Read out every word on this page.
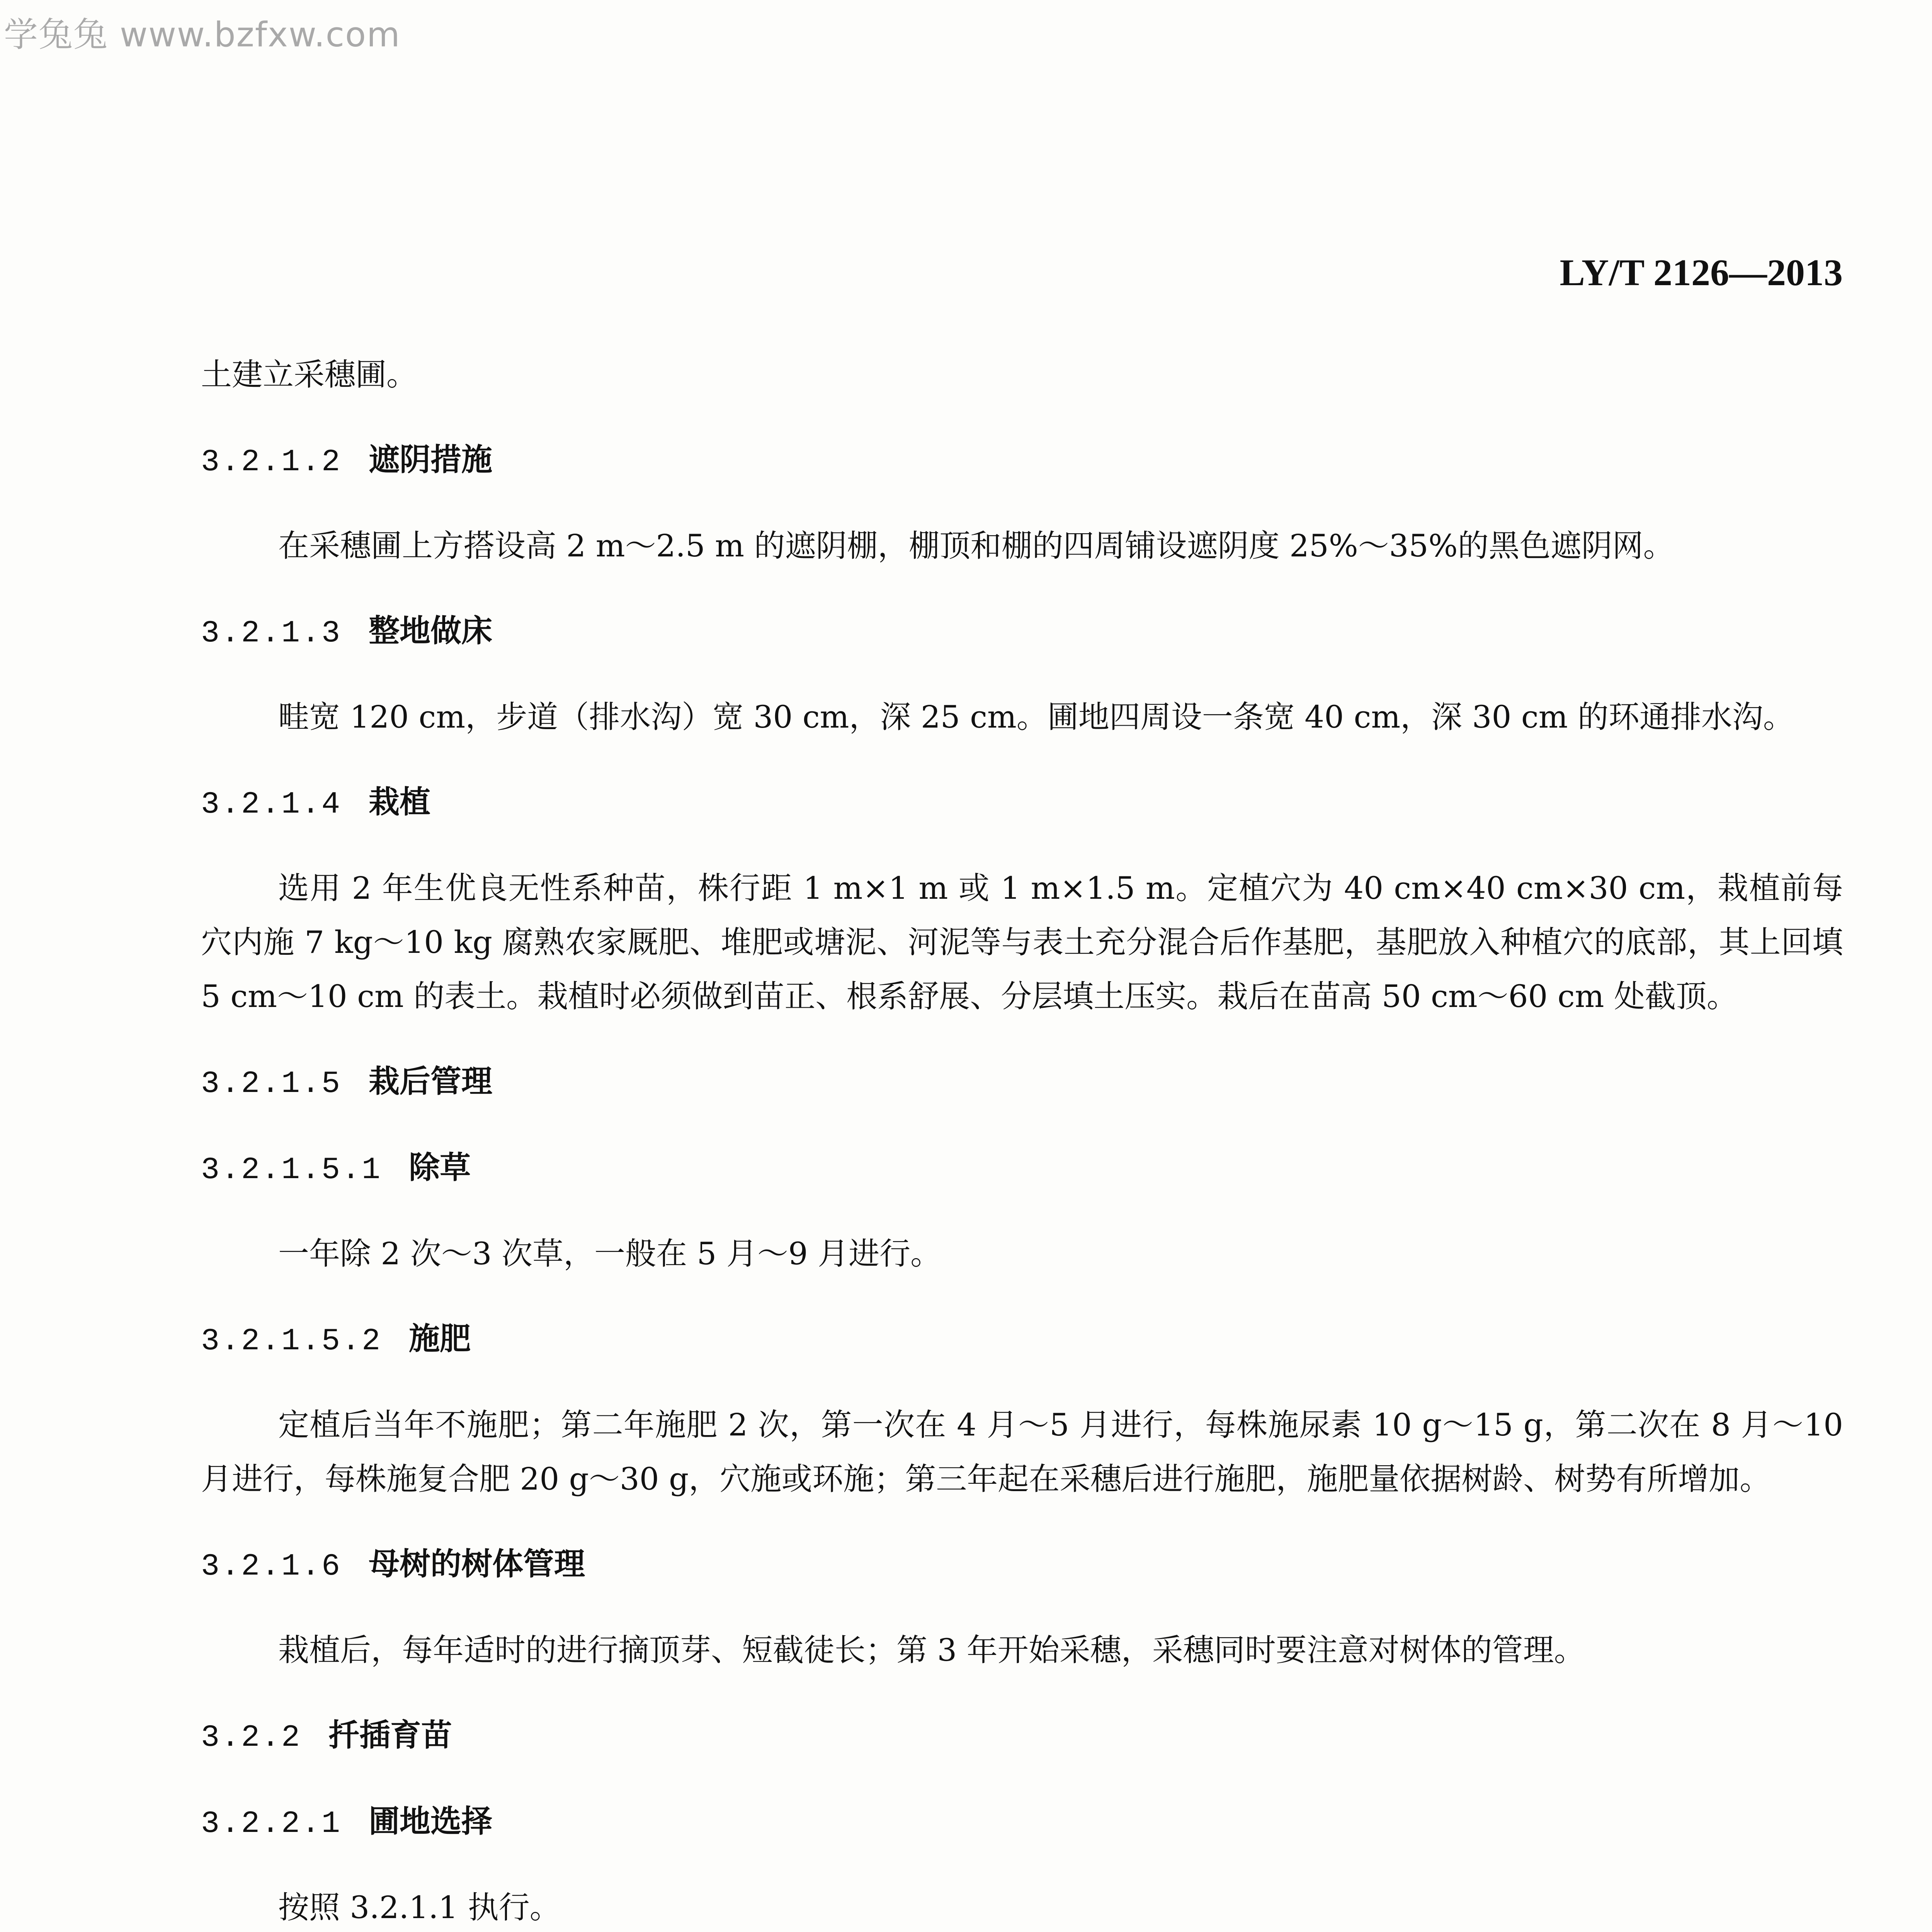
学兔兔 www.bzfxw.com
LY/T 2126—2013

土建立采穗圃。

3.2.1.2 遮阴措施

在采穗圃上方搭设高 2 m～2.5 m 的遮阴棚，棚顶和棚的四周铺设遮阴度 25%～35%的黑色遮阴网。

3.2.1.3 整地做床

畦宽 120 cm，步道（排水沟）宽 30 cm，深 25 cm。圃地四周设一条宽 40 cm，深 30 cm 的环通排水沟。

3.2.1.4 栽植

选用 2 年生优良无性系种苗，株行距 1 m×1 m 或 1 m×1.5 m。定植穴为 40 cm×40 cm×30 cm，栽植前每穴内施 7 kg～10 kg 腐熟农家厩肥、堆肥或塘泥、河泥等与表土充分混合后作基肥，基肥放入种植穴的底部，其上回填 5 cm～10 cm 的表土。栽植时必须做到苗正、根系舒展、分层填土压实。栽后在苗高 50 cm～60 cm 处截顶。

3.2.1.5 栽后管理
3.2.1.5.1 除草

一年除 2 次～3 次草，一般在 5 月～9 月进行。

3.2.1.5.2 施肥

定植后当年不施肥；第二年施肥 2 次，第一次在 4 月～5 月进行，每株施尿素 10 g～15 g，第二次在 8 月～10 月进行，每株施复合肥 20 g～30 g，穴施或环施；第三年起在采穗后进行施肥，施肥量依据树龄、树势有所增加。

3.2.1.6 母树的树体管理

栽植后，每年适时的进行摘顶芽、短截徒长；第 3 年开始采穗，采穗同时要注意对树体的管理。

3.2.2 扦插育苗
3.2.2.1 圃地选择

按照 3.2.1.1 执行。
